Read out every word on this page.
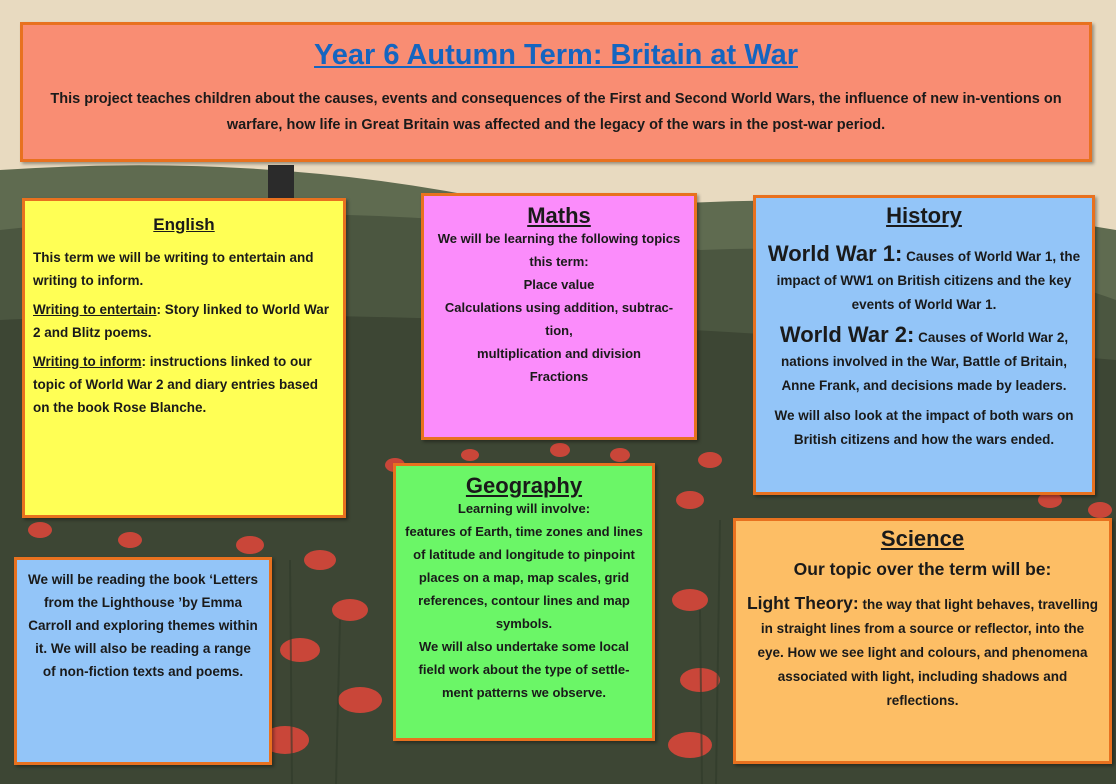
Year 6 Autumn Term: Britain at War

This project teaches children about the causes, events and consequences of the First and Second World Wars, the influence of new in-ventions on warfare, how life in Great Britain was affected and the legacy of the wars in the post-war period.

English

This term we will be writing to entertain and writing to inform.

Writing to entertain: Story linked to World War 2 and Blitz poems.

Writing to inform: instructions linked to our topic of World War 2 and diary entries based on the book Rose Blanche.

Maths

We will be learning the following topics this term:

Place value

Calculations using addition, subtrac-tion,

multiplication and division

Fractions

History

World War 1: Causes of World War 1, the impact of WW1 on British citizens and the key events of World War 1.

World War 2: Causes of World War 2, nations involved in the War, Battle of Britain, Anne Frank, and decisions made by leaders.

We will also look at the impact of both wars on British citizens and how the wars ended.

Geography

Learning will involve:

features of Earth, time zones and lines of latitude and longitude to pinpoint places on a map, map scales, grid references, contour lines and map symbols.

We will also undertake some local field work about the type of settle-ment patterns we observe.

Science

Our topic over the term will be:

Light Theory: the way that light behaves, travelling in straight lines from a source or reflector, into the eye. How we see light and colours, and phenomena associated with light, including shadows and reflections.

We will be reading the book ‘Letters from the Lighthouse ’by Emma Carroll and exploring themes within it. We will also be reading a range of non-fiction texts and poems.
